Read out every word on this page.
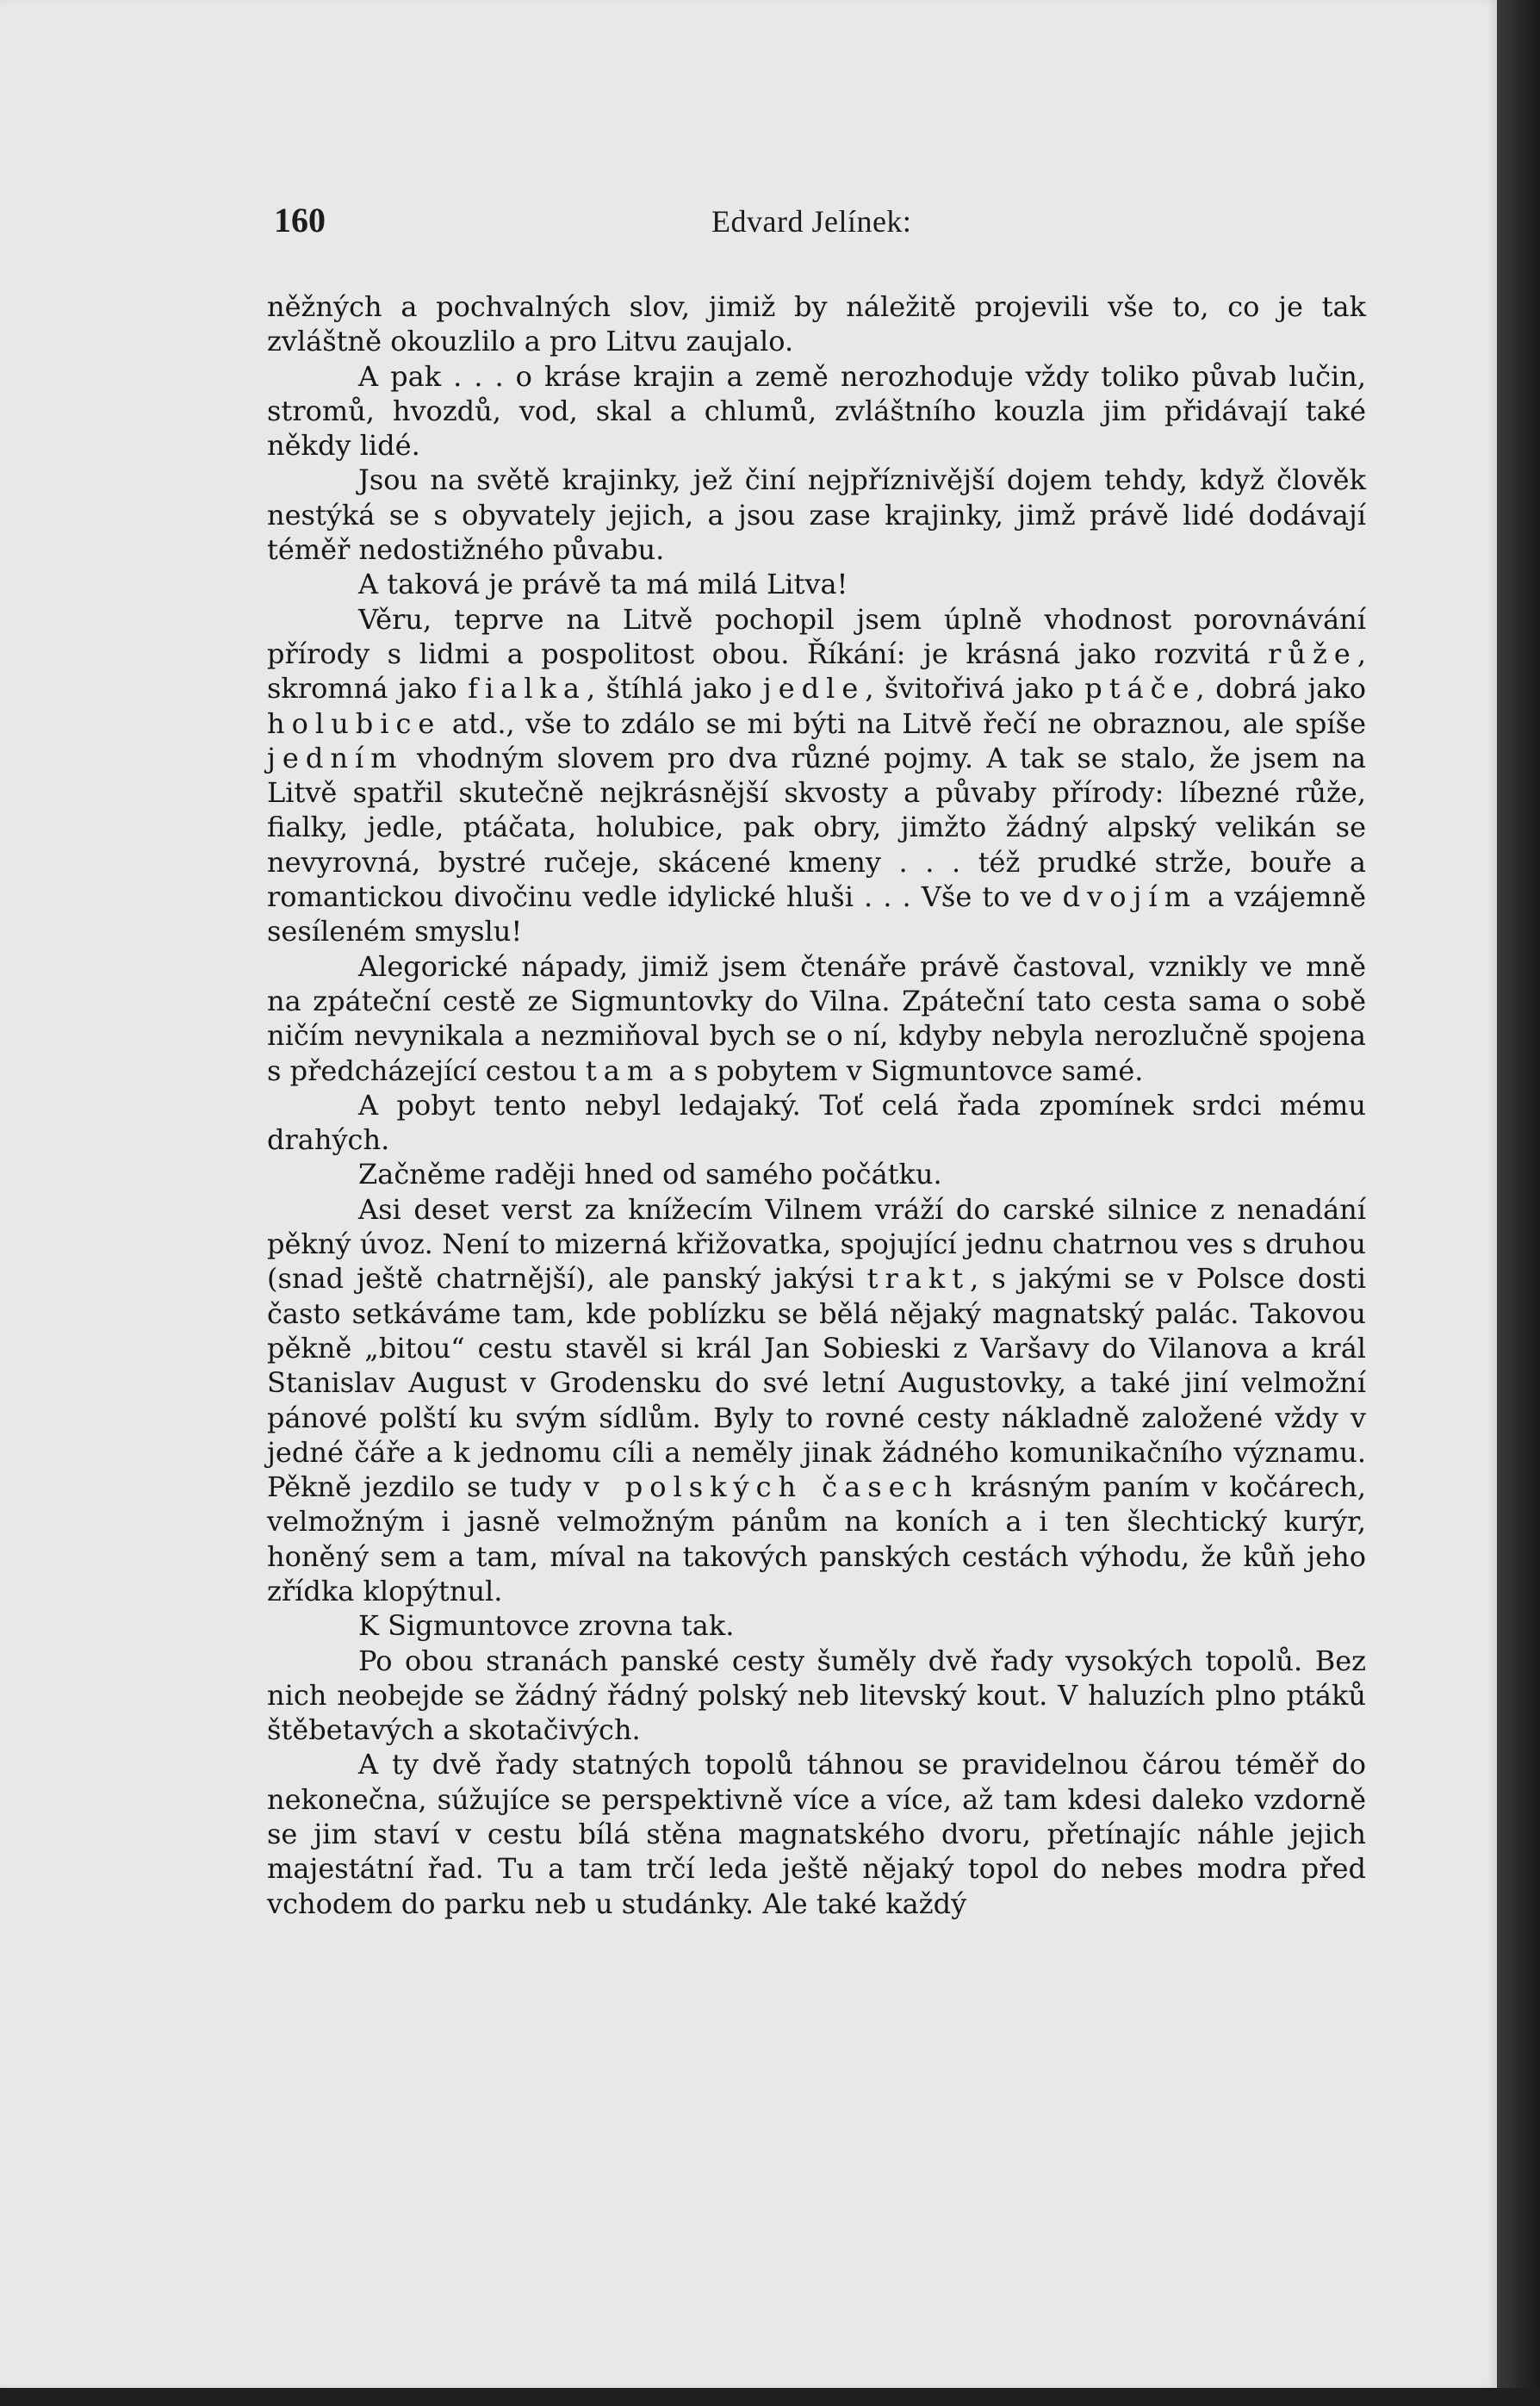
160	Edvard Jelínek:

něžných a pochvalných slov, jimiž by náležitě projevili vše to, co je tak zvláštně okouzlilo a pro Litvu zaujalo.

A pak . . . o kráse krajin a země nerozhoduje vždy toliko půvab lučin, stromů, hvozdů, vod, skal a chlumů, zvláštního kouzla jim přidávají také někdy lidé.

Jsou na světě krajinky, jež činí nejpříznivější dojem tehdy, když člověk nestýká se s obyvately jejich, a jsou zase krajinky, jimž právě lidé dodávají téměř nedostižného půvabu.

A taková je právě ta má milá Litva!

Věru, teprve na Litvě pochopil jsem úplně vhodnost porovnávání přírody s lidmi a pospolitost obou. Říkání: je krásná jako rozvitá růže, skromná jako fialka, štíhlá jako jedle, švitořivá jako ptáče, dobrá jako holubice atd., vše to zdálo se mi býti na Litvě řečí ne obraznou, ale spíše jedním vhodným slovem pro dva různé pojmy. A tak se stalo, že jsem na Litvě spatřil skutečně nejkrásnější skvosty a půvaby přírody: líbezné růže, fialky, jedle, ptáčata, holubice, pak obry, jimžto žádný alpský velikán se nevyrovná, bystré ručeje, skácené kmeny . . . též prudké strže, bouře a romantickou divočinu vedle idylické hluši . . . Vše to ve dvojím a vzájemně sesíleném smyslu!

Alegorické nápady, jimiž jsem čtenáře právě častoval, vznikly ve mně na zpáteční cestě ze Sigmuntovky do Vilna. Zpáteční tato cesta sama o sobě ničím nevynikala a nezmiňoval bych se o ní, kdyby nebyla nerozlučně spojena s předcházející cestou tam a s pobytem v Sigmuntovce samé.

A pobyt tento nebyl ledajaký. Toť celá řada zpomínek srdci mému drahých.

Začněme raději hned od samého počátku.

Asi deset verst za knížecím Vilnem vráží do carské silnice z nenadání pěkný úvoz. Není to mizerná křižovatka, spojující jednu chatrnou ves s druhou (snad ještě chatrnější), ale panský jakýsi trakt, s jakými se v Polsce dosti často setkáváme tam, kde poblízku se bělá nějaký magnatský palác. Takovou pěkně „bitou“ cestu stavěl si král Jan Sobieski z Varšavy do Vilanova a král Stanislav August v Grodensku do své letní Augustovky, a také jiní velmožní pánové polští ku svým sídlům. Byly to rovné cesty nákladně založené vždy v jedné čáře a k jednomu cíli a neměly jinak žádného komunikačního významu. Pěkně jezdilo se tudy v polských časech krásným paním v kočárech, velmožným i jasně velmožným pánům na koních a i ten šlechtický kurýr, honěný sem a tam, míval na takových panských cestách výhodu, že kůň jeho zřídka klopýtnul.

K Sigmuntovce zrovna tak.

Po obou stranách panské cesty šuměly dvě řady vysokých topolů. Bez nich neobejde se žádný řádný polský neb litevský kout. V haluzích plno ptáků štěbetavých a skotačivých.

A ty dvě řady statných topolů táhnou se pravidelnou čárou téměř do nekonečna, súžujíce se perspektivně více a více, až tam kdesi daleko vzdorně se jim staví v cestu bílá stěna magnatského dvoru, přetínajíc náhle jejich majestátní řad. Tu a tam trčí leda ještě nějaký topol do nebes modra před vchodem do parku neb u studánky. Ale také každý
